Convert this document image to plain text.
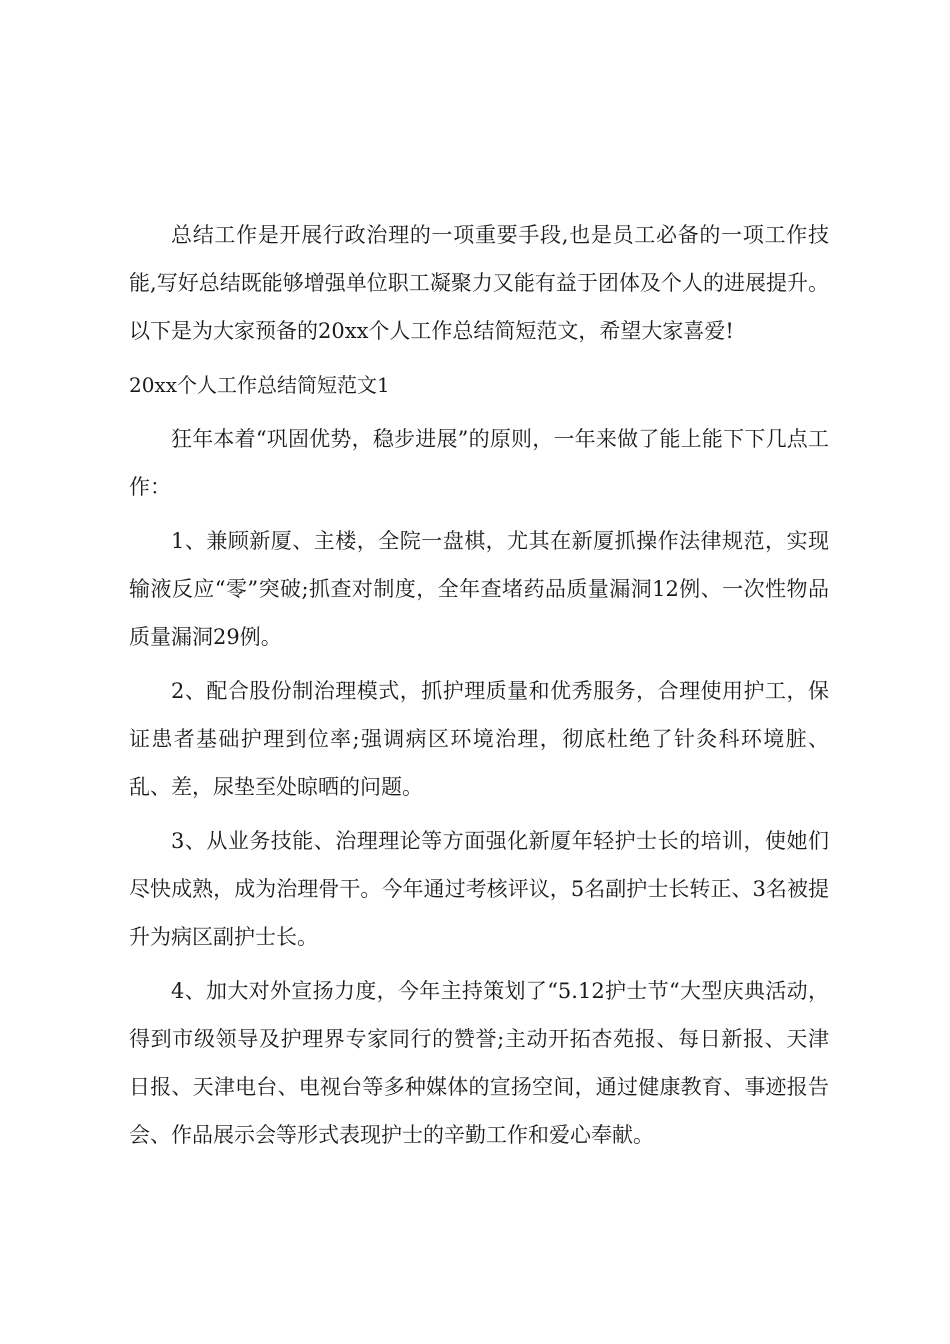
总结工作是开展行政治理的一项重要手段,也是员工必备的一项工作技能,写好总结既能够增强单位职工凝聚力又能有益于团体及个人的进展提升。以下是为大家预备的20xx个人工作总结简短范文，希望大家喜爱!

20xx个人工作总结简短范文1

狂年本着“巩固优势，稳步进展”的原则，一年来做了能上能下下几点工作：

1、兼顾新厦、主楼，全院一盘棋，尤其在新厦抓操作法律规范，实现输液反应“零”突破;抓查对制度，全年查堵药品质量漏洞12例、一次性物品质量漏洞29例。

2、配合股份制治理模式，抓护理质量和优秀服务，合理使用护工，保证患者基础护理到位率;强调病区环境治理，彻底杜绝了针灸科环境脏、乱、差，尿垫至处晾晒的问题。

3、从业务技能、治理理论等方面强化新厦年轻护士长的培训，使她们尽快成熟，成为治理骨干。今年通过考核评议，5名副护士长转正、3名被提升为病区副护士长。

4、加大对外宣扬力度，今年主持策划了“5.12护士节“大型庆典活动，得到市级领导及护理界专家同行的赞誉;主动开拓杏苑报、每日新报、天津日报、天津电台、电视台等多种媒体的宣扬空间，通过健康教育、事迹报告会、作品展示会等形式表现护士的辛勤工作和爱心奉献。
